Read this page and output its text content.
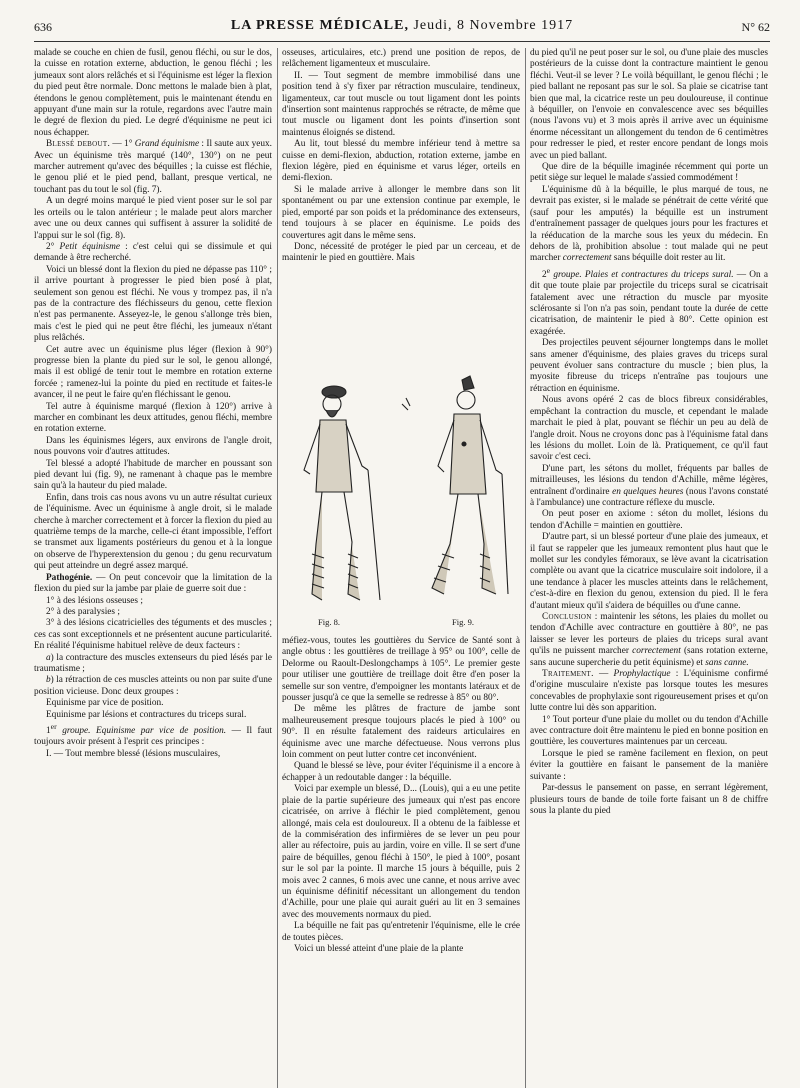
636	LA PRESSE MÉDICALE, Jeudi, 8 Novembre 1917	N° 62

malade se couche en chien de fusil, genou fléchi, ou sur le dos, la cuisse en rotation externe, abduction, le genou fléchi ; les jumeaux sont alors relâchés et si l'équinisme est léger la flexion du pied peut être normale. Donc mettons le malade bien à plat, étendons le genou complètement, puis le maintenant étendu en appuyant d'une main sur la rotule, regardons avec l'autre main le degré de flexion du pied. Le degré d'équinisme ne peut ici nous échapper.

Blessé debout. — 1° Grand équinisme : Il saute aux yeux. Avec un équinisme très marqué (140°, 130°) on ne peut marcher autrement qu'avec des béquilles ; la cuisse est fléchie, le genou plié et le pied pend, ballant, presque vertical, ne touchant pas du tout le sol (fig. 7).

A un degré moins marqué le pied vient poser sur le sol par les orteils ou le talon antérieur ; le malade peut alors marcher avec une ou deux cannes qui suffisent à assurer la solidité de l'appui sur le sol (fig. 8).

2° Petit équinisme : c'est celui qui se dissimule et qui demande à être recherché.

Voici un blessé dont la flexion du pied ne dépasse pas 110° ; il arrive pourtant à progresser le pied bien posé à plat, seulement son genou est fléchi. Ne vous y trompez pas, il n'a pas de la contracture des fléchisseurs du genou, cette flexion n'est pas permanente. Asseyez-le, le genou s'allonge très bien, mais c'est le pied qui ne peut être fléchi, les jumeaux n'étant plus relâchés.

Cet autre avec un équinisme plus léger (flexion à 90°) progresse bien la plante du pied sur le sol, le genou allongé, mais il est obligé de tenir tout le membre en rotation externe forcée ; ramenez-lui la pointe du pied en rectitude et faites-le avancer, il ne peut le faire qu'en fléchissant le genou.

Tel autre à équinisme marqué (flexion à 120°) arrive à marcher en combinant les deux attitudes, genou fléchi, membre en rotation externe.

Dans les équinismes légers, aux environs de l'angle droit, nous pouvons voir d'autres attitudes.

Tel blessé a adopté l'habitude de marcher en poussant son pied devant lui (fig. 9), ne ramenant à chaque pas le membre sain qu'à la hauteur du pied malade.

Enfin, dans trois cas nous avons vu un autre résultat curieux de l'équinisme. Avec un équinisme à angle droit, si le malade cherche à marcher correctement et à forcer la flexion du pied au quatrième temps de la marche, celle-ci étant impossible, l'effort se transmet aux ligaments postérieurs du genou et à la longue on observe de l'hyperextension du genou ; du genu recurvatum qui peut atteindre un degré assez marqué.

Pathogénie. — On peut concevoir que la limitation de la flexion du pied sur la jambe par plaie de guerre soit due :

1° à des lésions osseuses ;

2° à des paralysies ;

3° à des lésions cicatricielles des téguments et des muscles ; ces cas sont exceptionnels et ne présentent aucune particularité. En réalité l'équinisme habituel relève de deux facteurs :

a) la contracture des muscles extenseurs du pied lésés par le traumatisme ;

b) la rétraction de ces muscles atteints ou non par suite d'une position vicieuse. Donc deux groupes :

Equinisme par vice de position.

Equinisme par lésions et contractures du triceps sural.

1er groupe. Equinisme par vice de position. — Il faut toujours avoir présent à l'esprit ces principes :

I. — Tout membre blessé (lésions musculaires,

osseuses, articulaires, etc.) prend une position de repos, de relâchement ligamenteux et musculaire.

II. — Tout segment de membre immobilisé dans une position tend à s'y fixer par rétraction musculaire, tendineux, ligamenteux, car tout muscle ou tout ligament dont les points d'insertion sont maintenus rapprochés se rétracte, de même que tout muscle ou ligament dont les points d'insertion sont maintenus éloignés se distend.

Au lit, tout blessé du membre inférieur tend à mettre sa cuisse en demi-flexion, abduction, rotation externe, jambe en flexion légère, pied en équinisme et varus léger, orteils en demi-flexion.

Si le malade arrive à allonger le membre dans son lit spontanément ou par une extension continue par exemple, le pied, emporté par son poids et la prédominance des extenseurs, tend toujours à se placer en équinisme. Le poids des couvertures agit dans le même sens.

Donc, nécessité de protéger le pied par un cerceau, et de maintenir le pied en gouttière. Mais

Fig. 8.	Fig. 9.

méfiez-vous, toutes les gouttières du Service de Santé sont à angle obtus : les gouttières de treillage à 95° ou 100°, celle de Delorme ou Raoult-Deslongchamps à 105°. Le premier geste pour utiliser une gouttière de treillage doit être d'en poser la semelle sur son ventre, d'empoigner les montants latéraux et de pousser jusqu'à ce que la semelle se redresse à 85° ou 80°.

De même les plâtres de fracture de jambe sont malheureusement presque toujours placés le pied à 100° ou 90°. Il en résulte fatalement des raideurs articulaires en équinisme avec une marche défectueuse. Nous verrons plus loin comment on peut lutter contre cet inconvénient.

Quand le blessé se lève, pour éviter l'équinisme il a encore à échapper à un redoutable danger : la béquille.

Voici par exemple un blessé, D... (Louis), qui a eu une petite plaie de la partie supérieure des jumeaux qui n'est pas encore cicatrisée, on arrive à fléchir le pied complètement, genou allongé, mais cela est douloureux. Il a obtenu de la faiblesse et de la commisération des infirmières de se lever un peu pour aller au réfectoire, puis au jardin, voire en ville. Il se sert d'une paire de béquilles, genou fléchi à 150°, le pied à 100°, posant sur le sol par la pointe. Il marche 15 jours à béquille, puis 2 mois avec 2 cannes, 6 mois avec une canne, et nous arrive avec un équinisme définitif nécessitant un allongement du tendon d'Achille, pour une plaie qui aurait guéri au lit en 3 semaines avec des mouvements normaux du pied.

La béquille ne fait pas qu'entretenir l'équinisme, elle le crée de toutes pièces.

Voici un blessé atteint d'une plaie de la plante

du pied qu'il ne peut poser sur le sol, ou d'une plaie des muscles postérieurs de la cuisse dont la contracture maintient le genou fléchi. Veut-il se lever ? Le voilà béquillant, le genou fléchi ; le pied ballant ne reposant pas sur le sol. Sa plaie se cicatrise tant bien que mal, la cicatrice reste un peu douloureuse, il continue à béquiller, on l'envoie en convalescence avec ses béquilles (nous l'avons vu) et 3 mois après il arrive avec un équinisme énorme nécessitant un allongement du tendon de 6 centimètres pour redresser le pied, et rester encore pendant de longs mois avec un pied ballant.

Que dire de la béquille imaginée récemment qui porte un petit siège sur lequel le malade s'assied commodément !

L'équinisme dû à la béquille, le plus marqué de tous, ne devrait pas exister, si le malade se pénétrait de cette vérité que (sauf pour les amputés) la béquille est un instrument d'entraînement passager de quelques jours pour les fractures et la rééducation de la marche sous les yeux du médecin. En dehors de là, prohibition absolue : tout malade qui ne peut marcher correctement sans béquille doit rester au lit.

2e groupe. Plaies et contractures du triceps sural. — On a dit que toute plaie par projectile du triceps sural se cicatrisait fatalement avec une rétraction du muscle par myosite sclérosante si l'on n'a pas soin, pendant toute la durée de cette cicatrisation, de maintenir le pied à 80°. Cette opinion est exagérée.

Des projectiles peuvent séjourner longtemps dans le mollet sans amener d'équinisme, des plaies graves du triceps sural peuvent évoluer sans contracture du muscle ; bien plus, la myosite fibreuse du triceps n'entraîne pas toujours une rétraction en équinisme.

Nous avons opéré 2 cas de blocs fibreux considérables, empêchant la contraction du muscle, et cependant le malade marchait le pied à plat, pouvant se fléchir un peu au delà de l'angle droit. Nous ne croyons donc pas à l'équinisme fatal dans les lésions du mollet. Loin de là. Pratiquement, ce qu'il faut savoir c'est ceci.

D'une part, les sétons du mollet, fréquents par balles de mitrailleuses, les lésions du tendon d'Achille, même légères, entraînent d'ordinaire en quelques heures (nous l'avons constaté à l'ambulance) une contracture réflexe du muscle.

On peut poser en axiome : séton du mollet, lésions du tendon d'Achille = maintien en gouttière.

D'autre part, si un blessé porteur d'une plaie des jumeaux, et il faut se rappeler que les jumeaux remontent plus haut que le mollet sur les condyles fémoraux, se lève avant la cicatrisation complète ou avant que la cicatrice musculaire soit indolore, il a une tendance à placer les muscles atteints dans le relâchement, c'est-à-dire en flexion du genou, extension du pied. Il le fera d'autant mieux qu'il s'aidera de béquilles ou d'une canne.

Conclusion : maintenir les sétons, les plaies du mollet ou tendon d'Achille avec contracture en gouttière à 80°, ne pas laisser se lever les porteurs de plaies du triceps sural avant qu'ils ne puissent marcher correctement (sans rotation externe, sans aucune supercherie du petit équinisme) et sans canne.

Traitement. — Prophylactique : L'équinisme confirmé d'origine musculaire n'existe pas lorsque toutes les mesures concevables de prophylaxie sont rigoureusement prises et qu'on lutte contre lui dès son apparition.

1° Tout porteur d'une plaie du mollet ou du tendon d'Achille avec contracture doit être maintenu le pied en bonne position en gouttière, les couvertures maintenues par un cerceau.

Lorsque le pied se ramène facilement en flexion, on peut éviter la gouttière en faisant le pansement de la manière suivante :

Par-dessus le pansement on passe, en serrant légèrement, plusieurs tours de bande de toile forte faisant un 8 de chiffre sous la plante du pied
